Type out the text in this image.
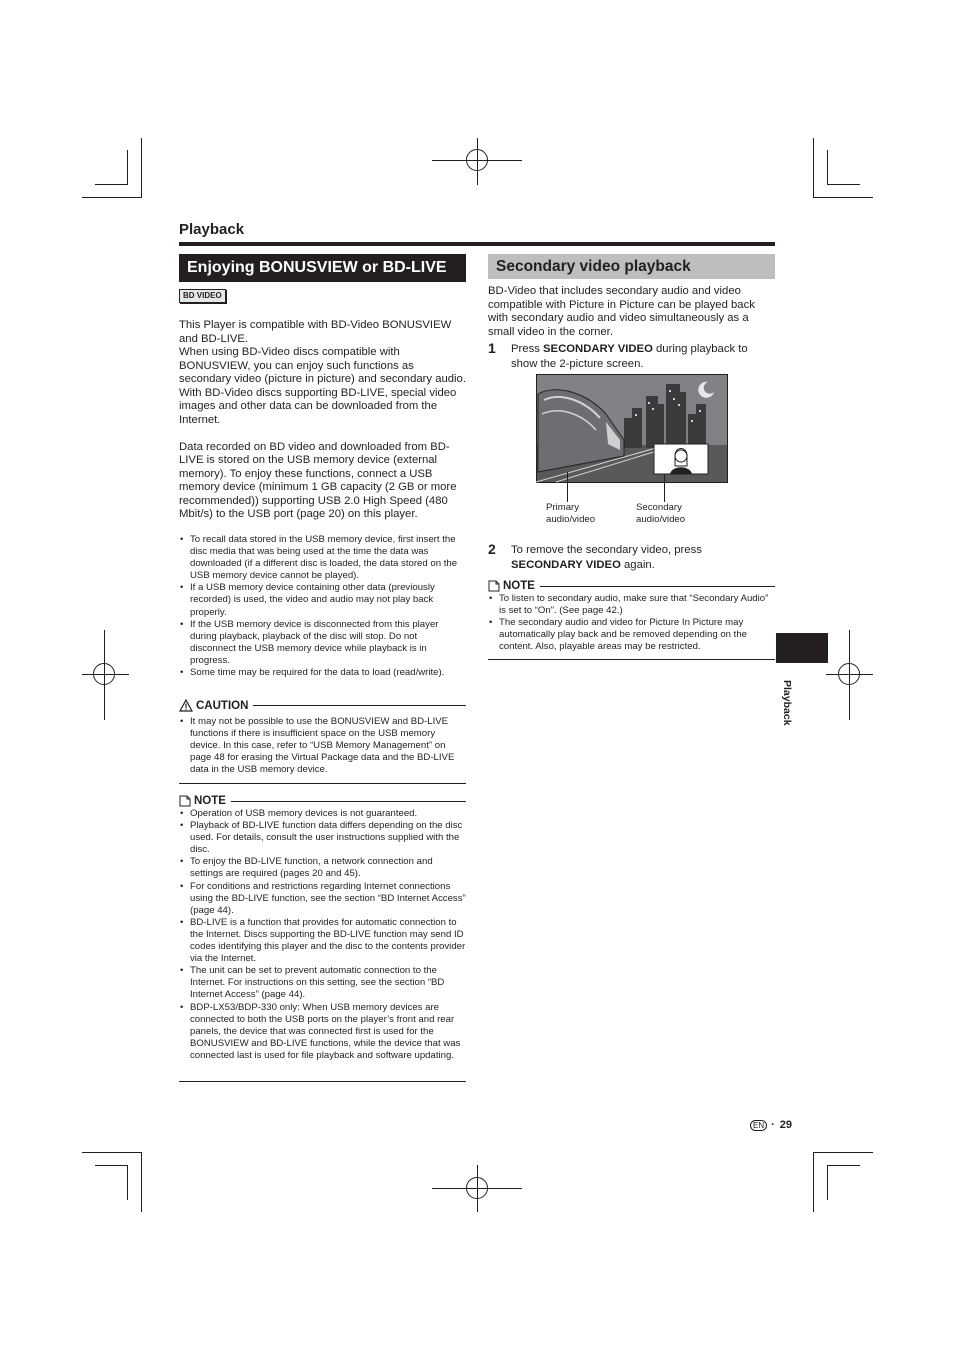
Playback
Enjoying BONUSVIEW or BD-LIVE
BD VIDEO

This Player is compatible with BD-Video BONUSVIEW and BD-LIVE.

When using BD-Video discs compatible with BONUSVIEW, you can enjoy such functions as secondary video (picture in picture) and secondary audio. With BD-Video discs supporting BD-LIVE, special video images and other data can be downloaded from the Internet.

Data recorded on BD video and downloaded from BD-LIVE is stored on the USB memory device (external memory). To enjoy these functions, connect a USB memory device (minimum 1 GB capacity (2 GB or more recommended)) supporting USB 2.0 High Speed (480 Mbit/s) to the USB port (page 20) on this player.

• To recall data stored in the USB memory device, first insert the disc media that was being used at the time the data was downloaded (if a different disc is loaded, the data stored on the USB memory device cannot be played).
• If a USB memory device containing other data (previously recorded) is used, the video and audio may not play back properly.
• If the USB memory device is disconnected from this player during playback, playback of the disc will stop. Do not disconnect the USB memory device while playback is in progress.
• Some time may be required for the data to load (read/write).
CAUTION
• It may not be possible to use the BONUSVIEW and BD-LIVE functions if there is insufficient space on the USB memory device. In this case, refer to “USB Memory Management” on page 48 for erasing the Virtual Package data and the BD-LIVE data in the USB memory device.
NOTE
• Operation of USB memory devices is not guaranteed.
• Playback of BD-LIVE function data differs depending on the disc used. For details, consult the user instructions supplied with the disc.
• To enjoy the BD-LIVE function, a network connection and settings are required (pages 20 and 45).
• For conditions and restrictions regarding Internet connections using the BD-LIVE function, see the section “BD Internet Access” (page 44).
• BD-LIVE is a function that provides for automatic connection to the Internet. Discs supporting the BD-LIVE function may send ID codes identifying this player and the disc to the contents provider via the Internet.
• The unit can be set to prevent automatic connection to the Internet. For instructions on this setting, see the section “BD Internet Access” (page 44).
• BDP-LX53/BDP-330 only: When USB memory devices are connected to both the USB ports on the player’s front and rear panels, the device that was connected first is used for the BONUSVIEW and BD-LIVE functions, while the device that was connected last is used for file playback and software updating.
Secondary video playback
BD-Video that includes secondary audio and video compatible with Picture in Picture can be played back with secondary audio and video simultaneously as a small video in the corner.
1 Press SECONDARY VIDEO during playback to show the 2-picture screen.
Primary
audio/video
Secondary
audio/video
2 To remove the secondary video, press SECONDARY VIDEO again.
NOTE
• To listen to secondary audio, make sure that “Secondary Audio” is set to “On”. (See page 42.)
• The secondary audio and video for Picture In Picture may automatically play back and be removed depending on the content. Also, playable areas may be restricted.
Playback
EN · 29
